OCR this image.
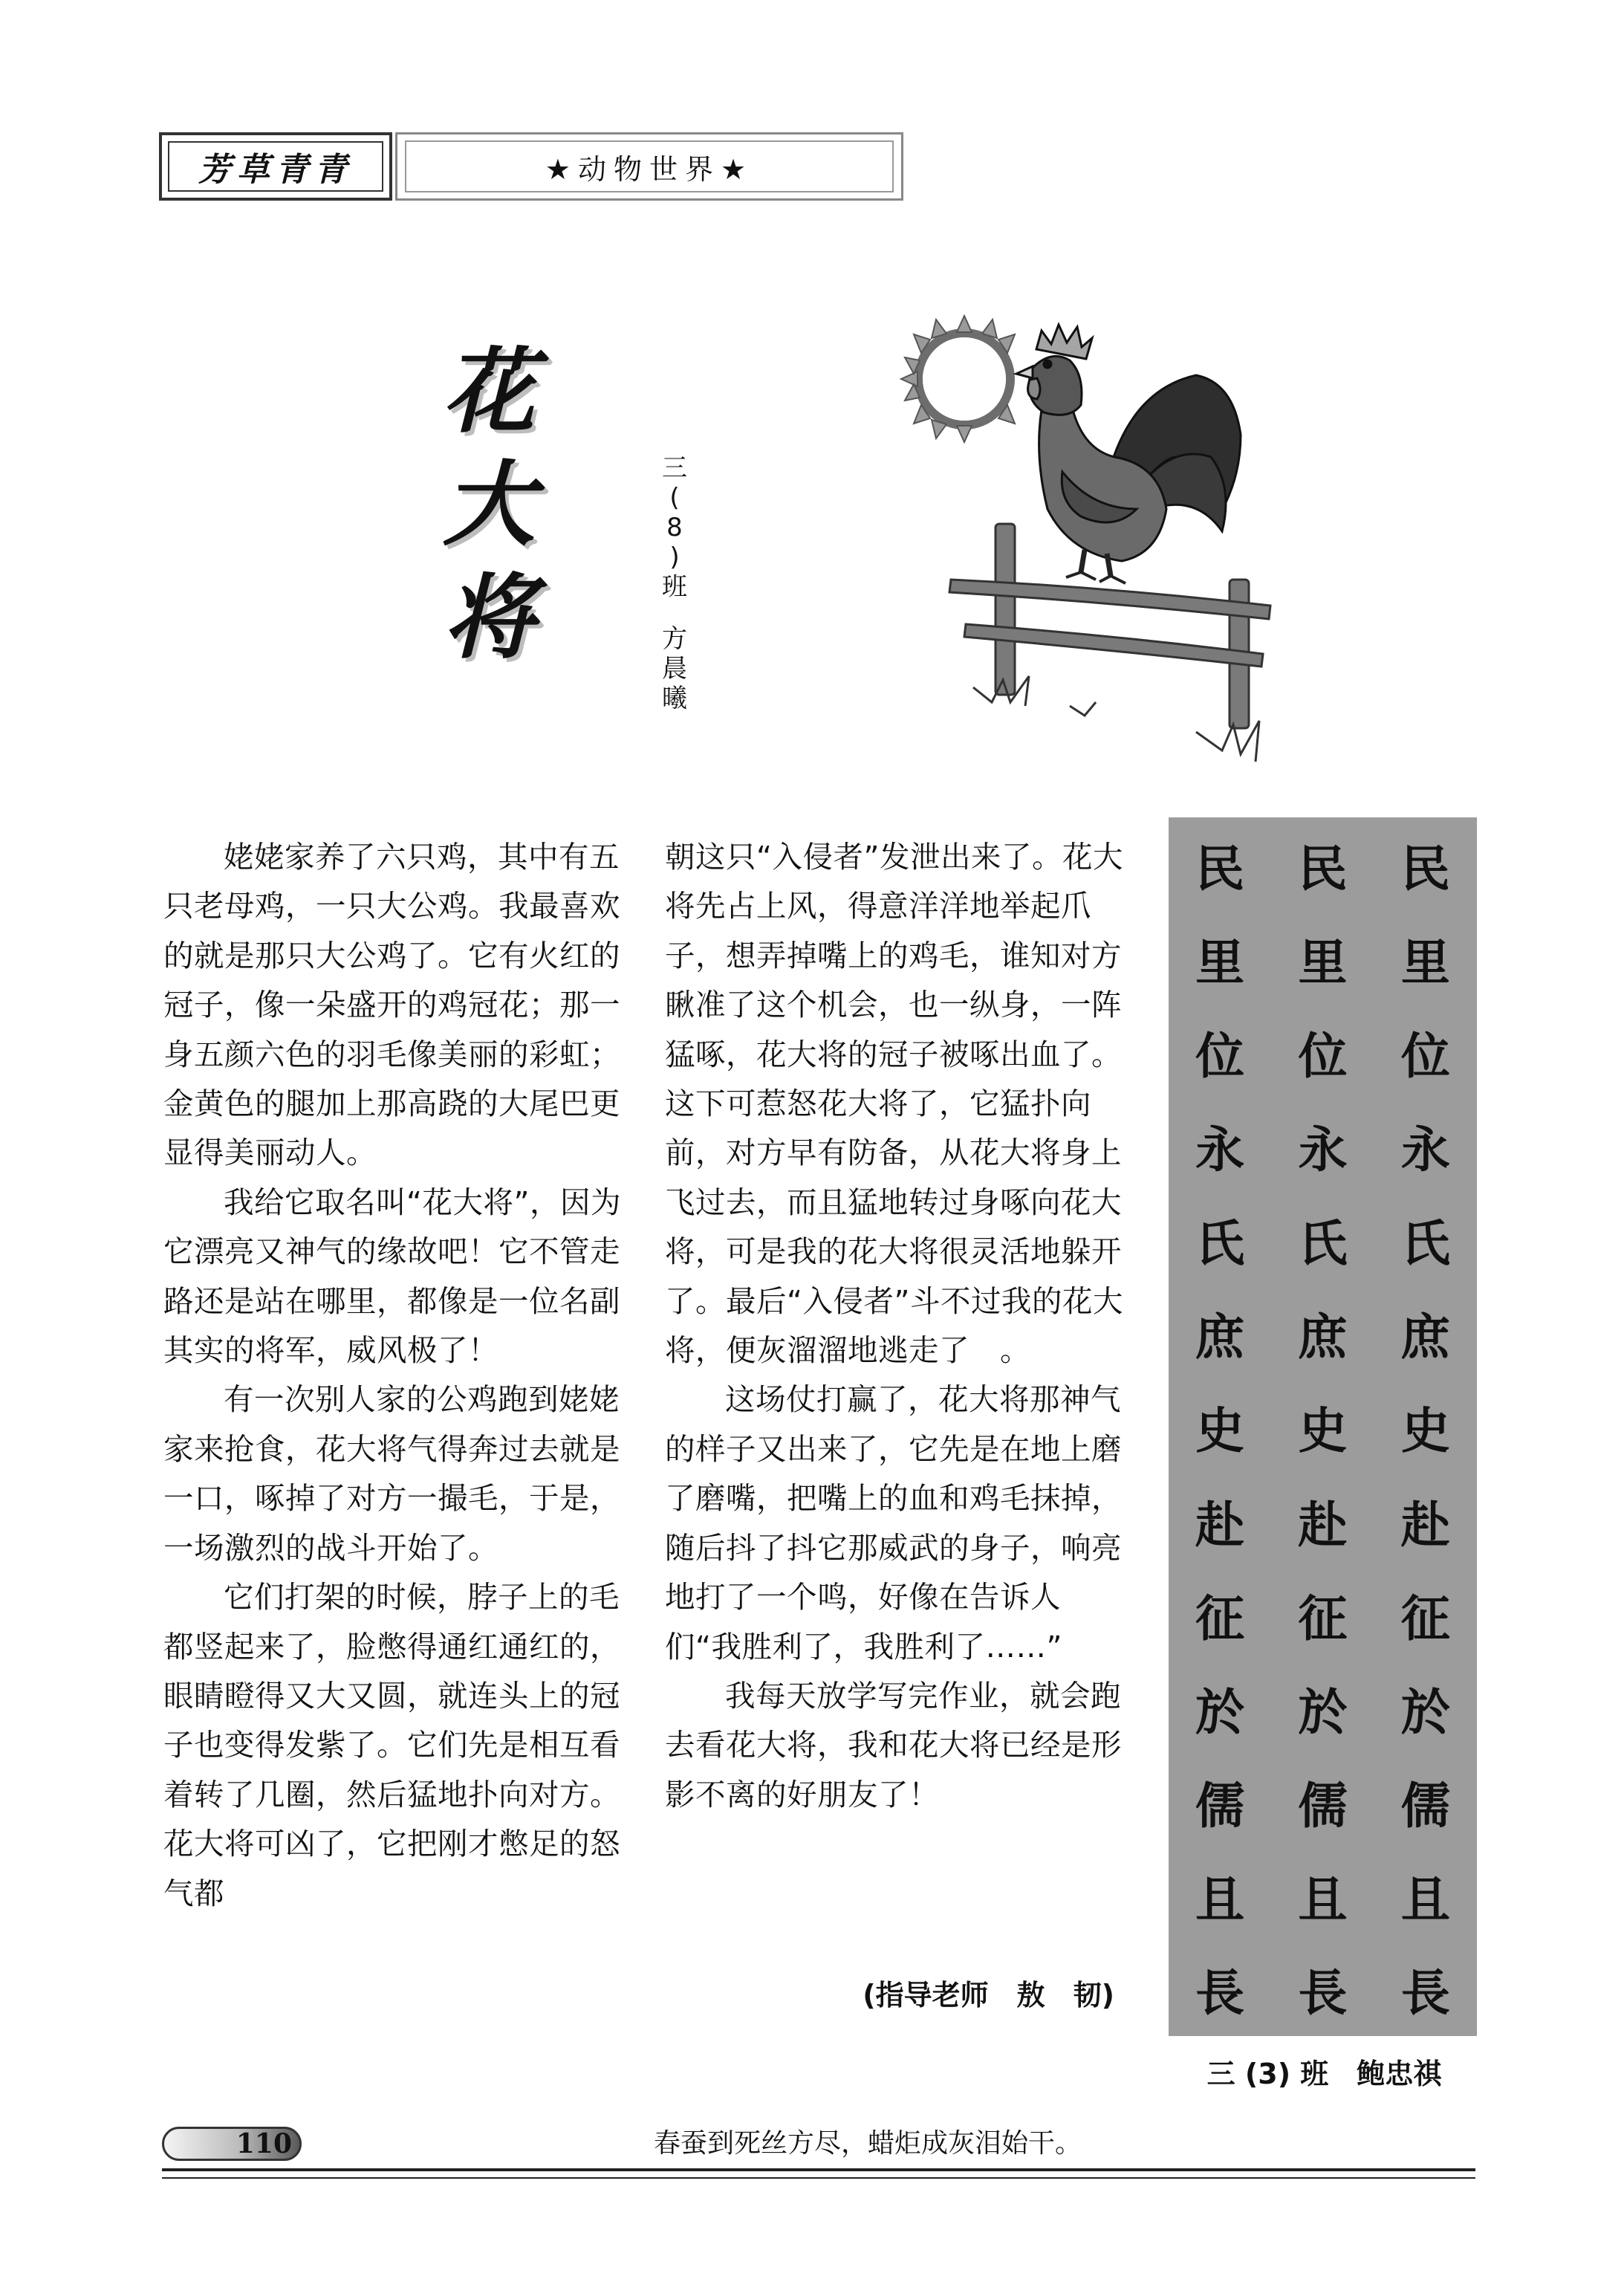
芳草青青	★动物世界★
花
大
将
三
(
8
)
班
方
晨
曦

姥姥家养了六只鸡，其中有五只老母鸡，一只大公鸡。我最喜欢的就是那只大公鸡了。它有火红的冠子，像一朵盛开的鸡冠花；那一身五颜六色的羽毛像美丽的彩虹；金黄色的腿加上那高跷的大尾巴更显得美丽动人。

我给它取名叫“花大将”，因为它漂亮又神气的缘故吧！它不管走路还是站在哪里，都像是一位名副其实的将军，威风极了！

有一次别人家的公鸡跑到姥姥家来抢食，花大将气得奔过去就是一口，啄掉了对方一撮毛，于是，一场激烈的战斗开始了。

它们打架的时候，脖子上的毛都竖起来了，脸憋得通红通红的，眼睛瞪得又大又圆，就连头上的冠子也变得发紫了。它们先是相互看着转了几圈，然后猛地扑向对方。花大将可凶了，它把刚才憋足的怒气都

朝这只“入侵者”发泄出来了。花大将先占上风，得意洋洋地举起爪子，想弄掉嘴上的鸡毛，谁知对方瞅准了这个机会，也一纵身，一阵猛啄，花大将的冠子被啄出血了。这下可惹怒花大将了，它猛扑向前，对方早有防备，从花大将身上飞过去，而且猛地转过身啄向花大将，可是我的花大将很灵活地躲开了。最后“入侵者”斗不过我的花大将，便灰溜溜地逃走了　。

这场仗打赢了，花大将那神气的样子又出来了，它先是在地上磨了磨嘴，把嘴上的血和鸡毛抹掉，随后抖了抖它那威武的身子，响亮地打了一个鸣，好像在告诉人们“我胜利了，我胜利了……”

我每天放学写完作业，就会跑去看花大将，我和花大将已经是形影不离的好朋友了！

(指导老师　敖　韧)
民	民	民
里	里	里
位	位	位
永	永	永
氏	氏	氏
庶	庶	庶
史	史	史
赴	赴	赴
征	征	征
於	於	於
儒	儒	儒
且	且	且
長	長	長
三 (3) 班　鲍忠祺
110	春蚕到死丝方尽，蜡炬成灰泪始干。
